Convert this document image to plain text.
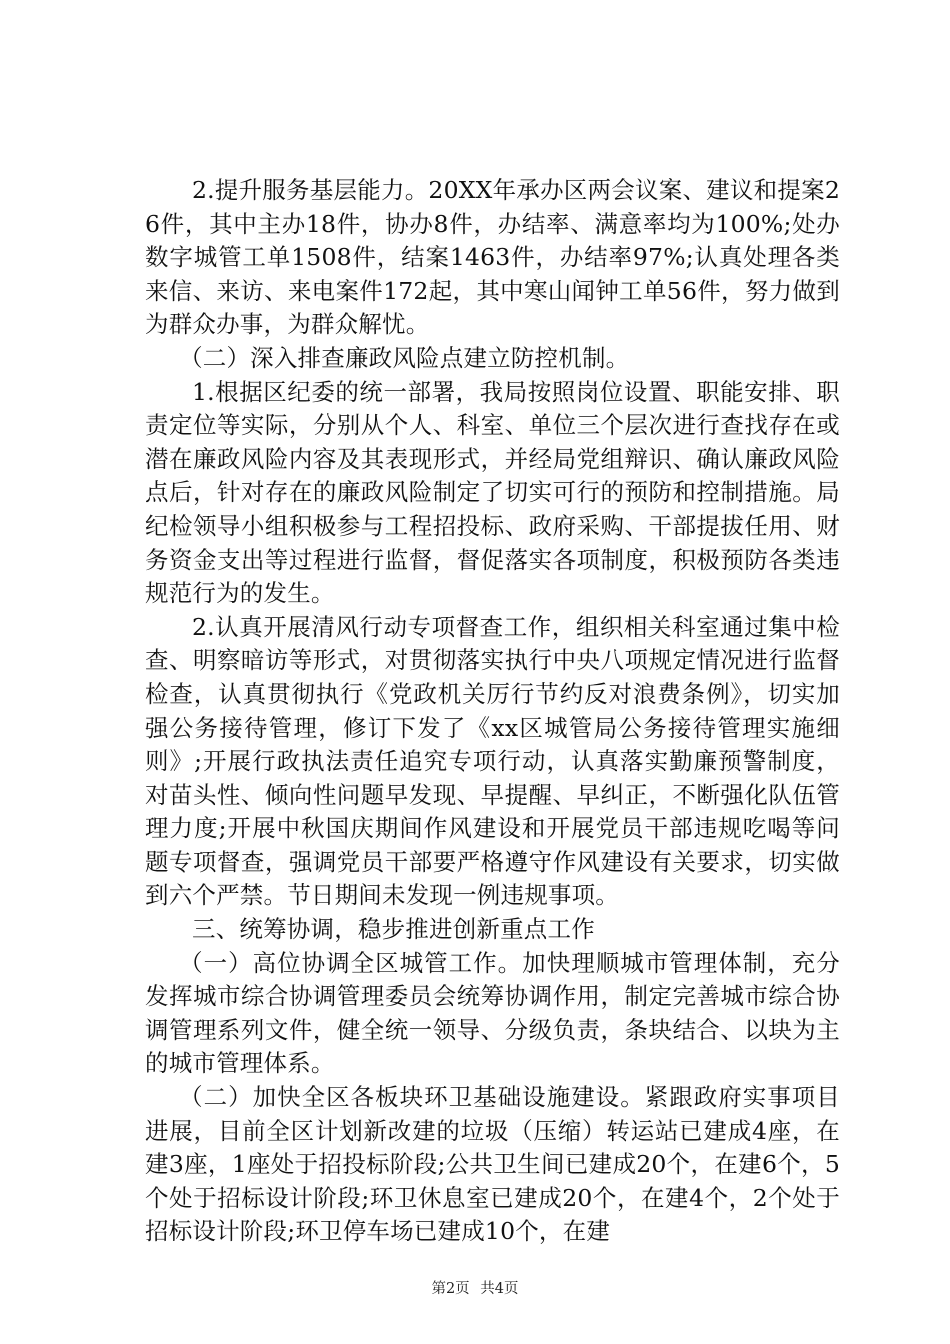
2.提升服务基层能力。20XX年承办区两会议案、建议和提案26件，其中主办18件，协办8件，办结率、满意率均为100%;处办数字城管工单1508件，结案1463件，办结率97%;认真处理各类来信、来访、来电案件172起，其中寒山闻钟工单56件，努力做到为群众办事，为群众解忧。

（二）深入排查廉政风险点建立防控机制。

1.根据区纪委的统一部署，我局按照岗位设置、职能安排、职责定位等实际，分别从个人、科室、单位三个层次进行查找存在或潜在廉政风险内容及其表现形式，并经局党组辩识、确认廉政风险点后，针对存在的廉政风险制定了切实可行的预防和控制措施。局纪检领导小组积极参与工程招投标、政府采购、干部提拔任用、财务资金支出等过程进行监督，督促落实各项制度，积极预防各类违规范行为的发生。

2.认真开展清风行动专项督查工作，组织相关科室通过集中检查、明察暗访等形式，对贯彻落实执行中央八项规定情况进行监督检查，认真贯彻执行《党政机关厉行节约反对浪费条例》，切实加强公务接待管理，修订下发了《xx区城管局公务接待管理实施细则》;开展行政执法责任追究专项行动，认真落实勤廉预警制度，对苗头性、倾向性问题早发现、早提醒、早纠正，不断强化队伍管理力度;开展中秋国庆期间作风建设和开展党员干部违规吃喝等问题专项督查，强调党员干部要严格遵守作风建设有关要求，切实做到六个严禁。节日期间未发现一例违规事项。

三、统筹协调，稳步推进创新重点工作

（一）高位协调全区城管工作。加快理顺城市管理体制，充分发挥城市综合协调管理委员会统筹协调作用，制定完善城市综合协调管理系列文件，健全统一领导、分级负责，条块结合、以块为主的城市管理体系。

（二）加快全区各板块环卫基础设施建设。紧跟政府实事项目进展，目前全区计划新改建的垃圾（压缩）转运站已建成4座，在建3座，1座处于招投标阶段;公共卫生间已建成20个，在建6个，5个处于招标设计阶段;环卫休息室已建成20个，在建4个，2个处于招标设计阶段;环卫停车场已建成10个，在建

第2页 共4页
